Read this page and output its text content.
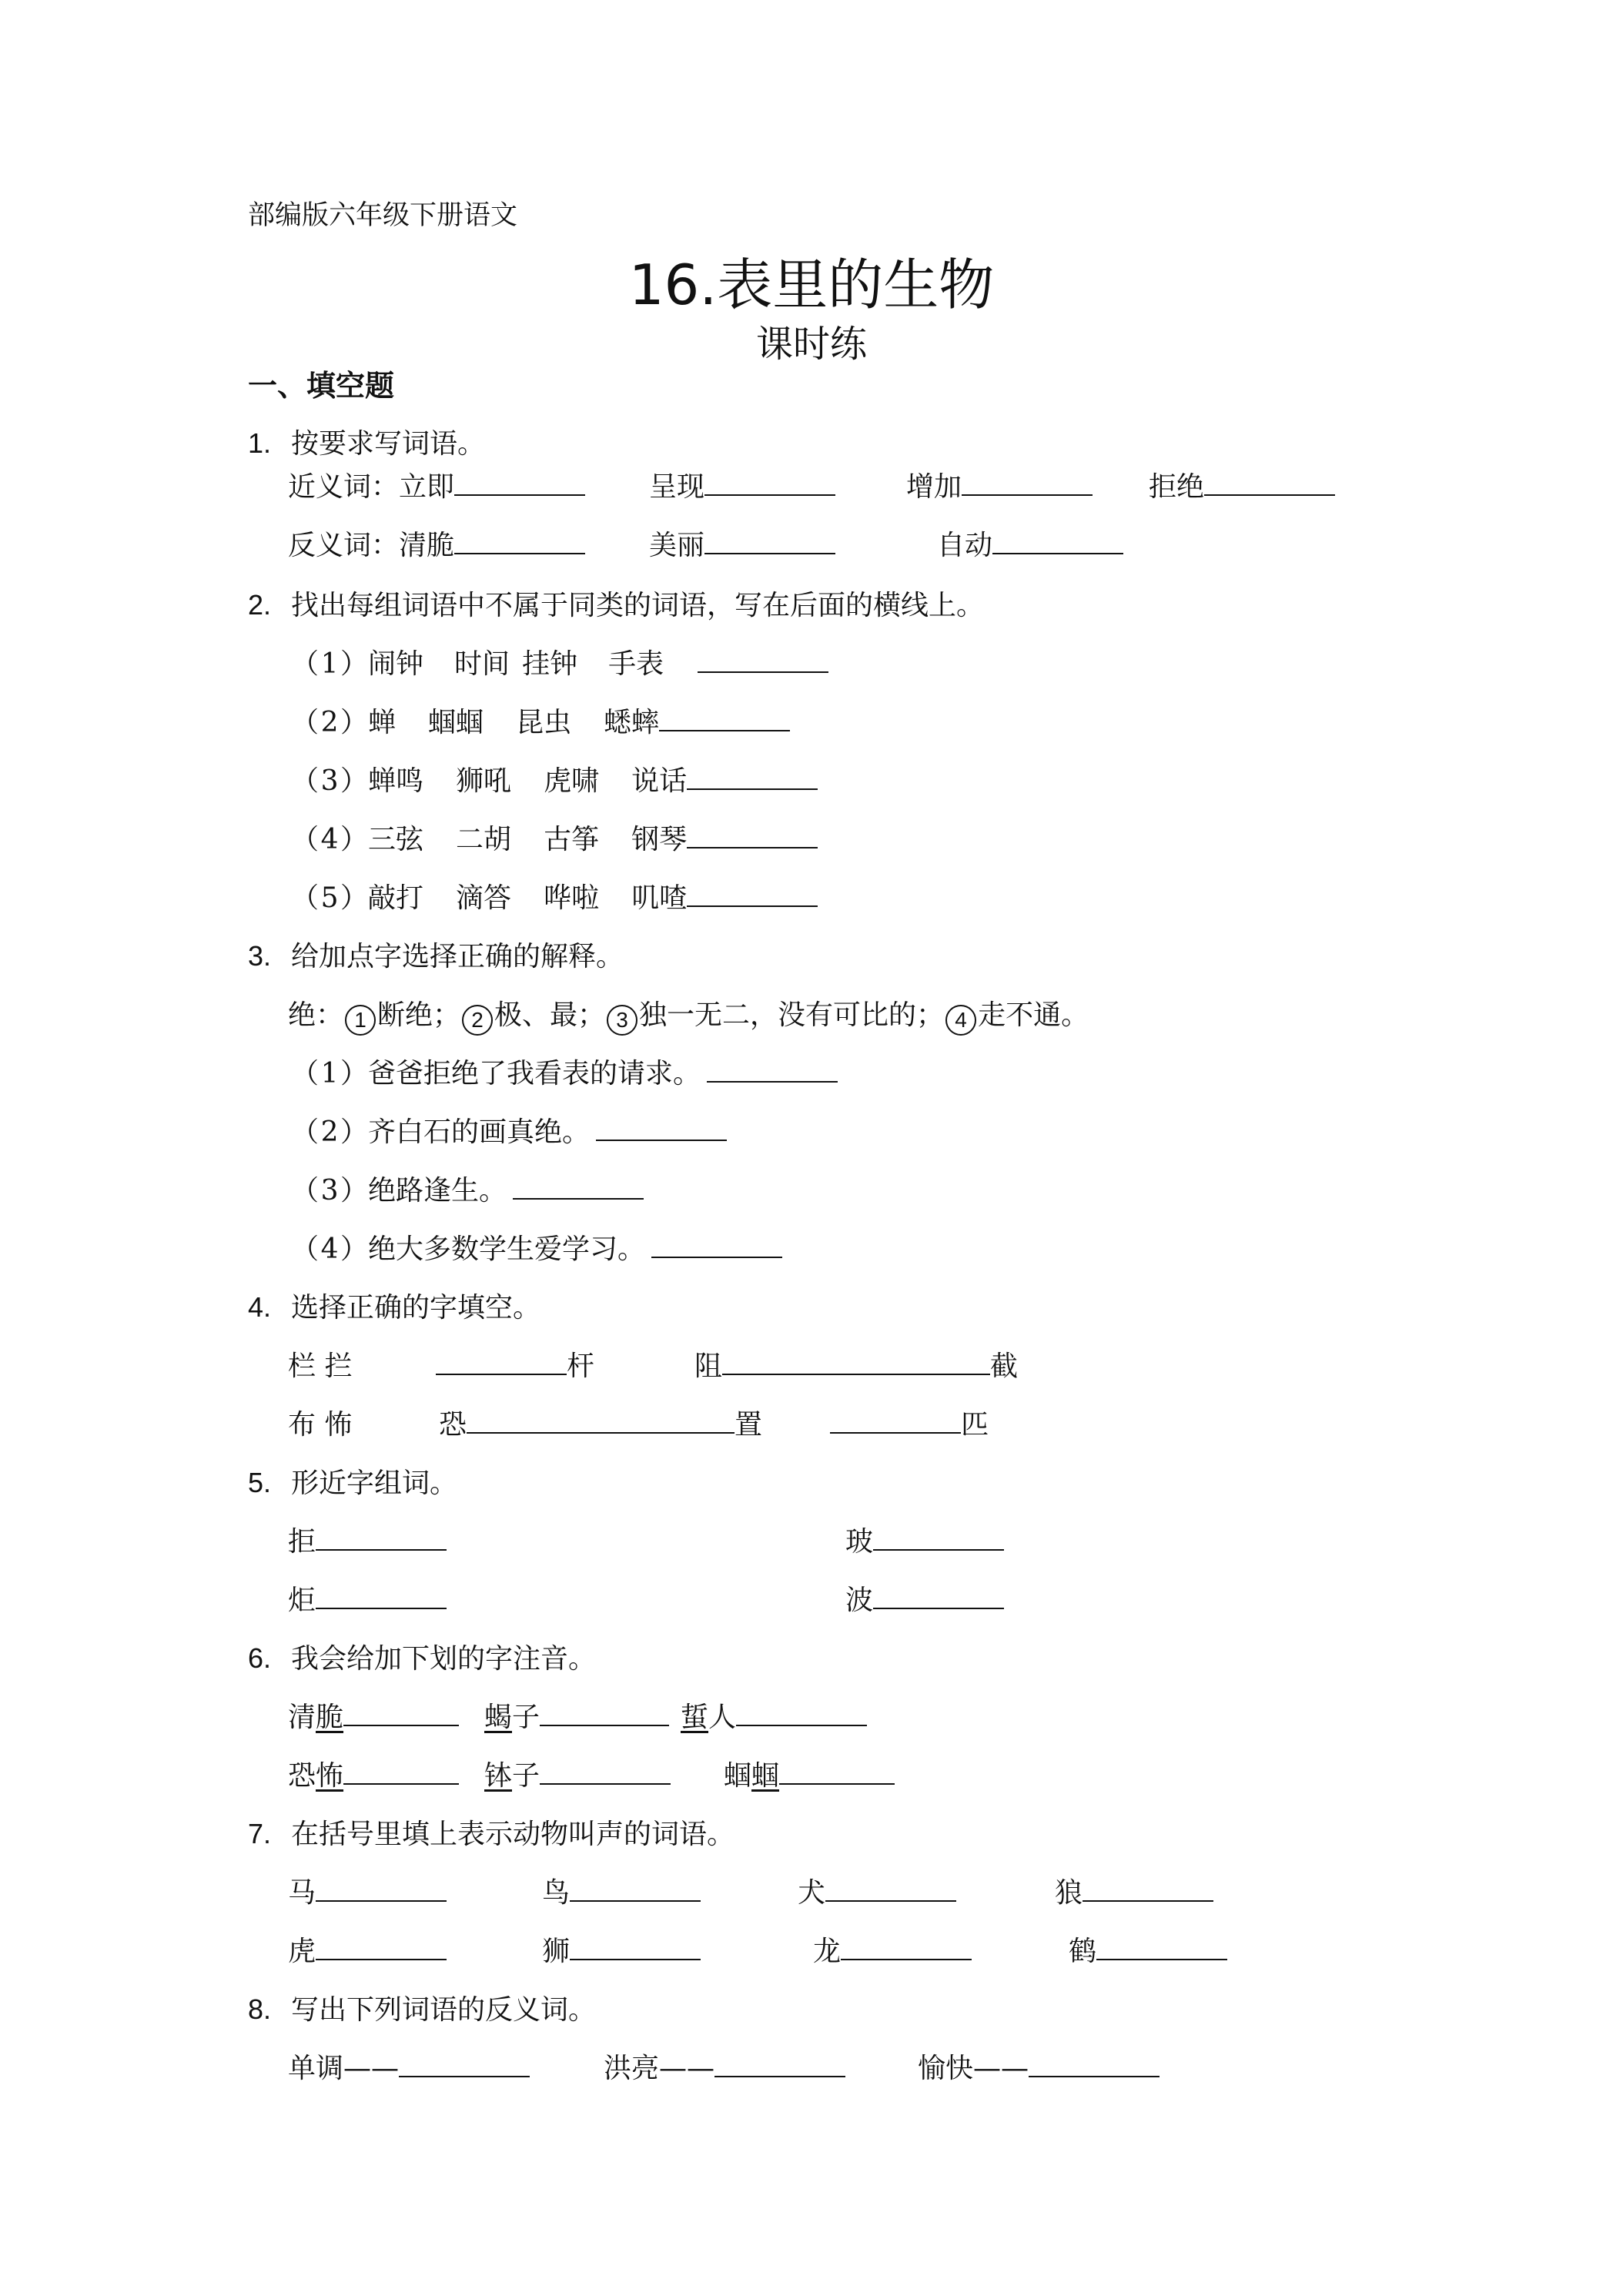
部编版六年级下册语文
16.表里的生物
课时练
一、填空题
1. 按要求写词语。
近义词：立即	呈现	增加	拒绝
反义词：清脆	美丽	自动
2. 找出每组词语中不属于同类的词语，写在后面的横线上。
（1）闹钟 时间 挂钟 手表
（2）蝉 蝈蝈 昆虫 蟋蟀
（3）蝉鸣 狮吼 虎啸 说话
（4）三弦 二胡 古筝 钢琴
（5）敲打 滴答 哗啦 叽喳
3. 给加点字选择正确的解释。
绝： 1 断绝； 2 极、最； 3 独一无二，没有可比的； 4 走不通。
（1）爸爸拒绝了我看表的请求。
（2）齐白石的画真绝。
（3）绝路逢生。
（4）绝大多数学生爱学习。
4. 选择正确的字填空。
栏 拦	杆	阻	截
布 怖	恐	置	匹
5. 形近字组词。
拒	玻
炬	波
6. 我会给加下划的字注音。
清脆	蝎子	蜇人
恐怖	钵子	蝈蝈
7. 在括号里填上表示动物叫声的词语。
马	鸟	犬	狼
虎	狮	龙	鹤
8. 写出下列词语的反义词。
单调——	洪亮——	愉快——
